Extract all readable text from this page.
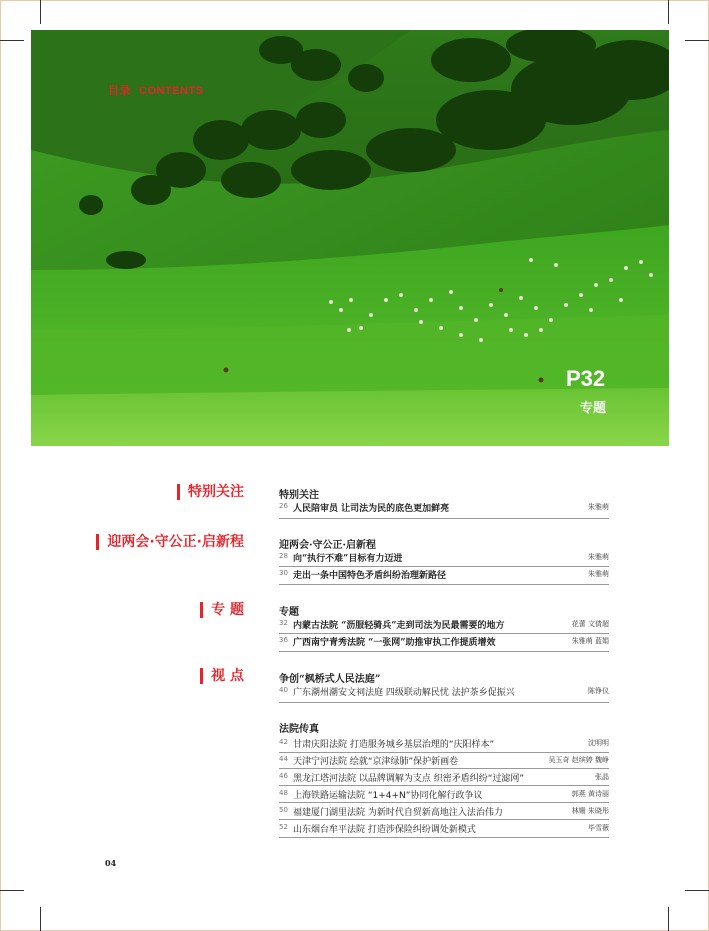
目录 CONTENTS
P32
专题
特别关注
迎两会·守公正·启新程
专 题
视 点
特别关注
26 人民陪审员 让司法为民的底色更加鲜亮	朱雅萌
迎两会·守公正·启新程
28 向“执行不难”目标有力迈进	朱雅萌
30 走出一条中国特色矛盾纠纷治理新路径	朱雅萌
专题
32 内蒙古法院 “沥服轻骑兵”走到司法为民最需要的地方	花蕾 文倩超
36 广西南宁青秀法院 “一张网”助推审执工作提质增效	朱雅萌 蓝娟
争创“枫桥式人民法庭”
40 广东潮州潮安文祠法庭 四级联动解民忧 法护茶乡促振兴	陈铮仪
法院传真
42 甘肃庆阳法院 打造服务城乡基层治理的“庆阳样本”	沈明明
44 天津宁河法院 绘就“京津绿肺”保护新画卷	吴玉奇 赵缤婷 魏峥
46 黑龙江塔河法院 以品牌调解为支点 织密矛盾纠纷“过滤网”	张晶
48 上海铁路运输法院 “1+4+N”协同化解行政争议	郭燕 黄诗丽
50 福建厦门湖里法院 为新时代自贸新高地注入法治伟力	林姗 朱晓彤
52 山东烟台牟平法院 打造涉保险纠纷调处新模式	毕雪薇
04
